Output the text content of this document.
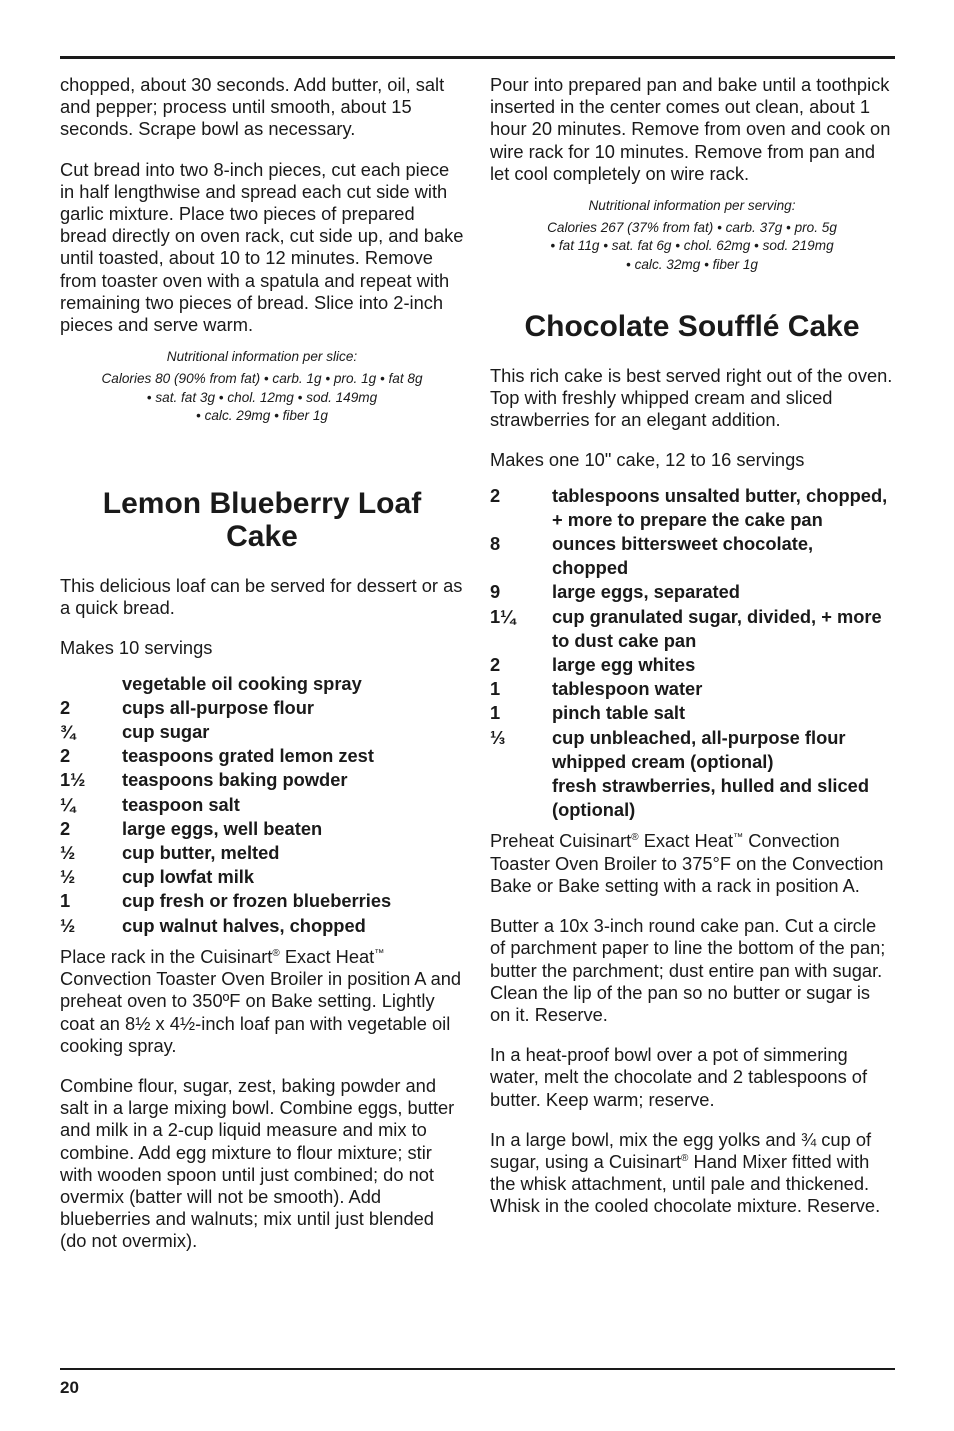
chopped, about 30 seconds. Add butter, oil, salt and pepper; process until smooth, about 15 seconds. Scrape bowl as necessary.

Cut bread into two 8-inch pieces, cut each piece in half lengthwise and spread each cut side with garlic mixture. Place two pieces of prepared bread directly on oven rack, cut side up, and bake until toasted, about 10 to 12 minutes. Remove from toaster oven with a spatula and repeat with remaining two pieces of bread. Slice into 2-inch pieces and serve warm.

Nutritional information per slice:

Calories 80 (90% from fat) • carb. 1g • pro. 1g • fat 8g

• sat. fat 3g • chol. 12mg • sod. 149mg

• calc. 29mg • fiber 1g

Lemon Blueberry Loaf Cake

This delicious loaf can be served for dessert or as a quick bread.

Makes 10 servings

vegetable oil cooking spray
2	cups all-purpose flour
¾	cup sugar
2	teaspoons grated lemon zest
1½	teaspoons baking powder
¼	teaspoon salt
2	large eggs, well beaten
½	cup butter, melted
½	cup lowfat milk
1	cup fresh or frozen blueberries
½	cup walnut halves, chopped

Place rack in the Cuisinart® Exact Heat™ Convection Toaster Oven Broiler in position A and preheat oven to 350ºF on Bake setting. Lightly coat an 8½ x 4½-inch loaf pan with vegetable oil cooking spray.

Combine flour, sugar, zest, baking powder and salt in a large mixing bowl. Combine eggs, butter and milk in a 2-cup liquid measure and mix to combine. Add egg mixture to flour mixture; stir with wooden spoon until just combined; do not overmix (batter will not be smooth). Add blueberries and walnuts; mix until just blended (do not overmix).

Pour into prepared pan and bake until a toothpick inserted in the center comes out clean, about 1 hour 20 minutes. Remove from oven and cook on wire rack for 10 minutes. Remove from pan and let cool completely on wire rack.

Nutritional information per serving:

Calories 267 (37% from fat) • carb. 37g • pro. 5g

• fat 11g • sat. fat 6g • chol. 62mg • sod. 219mg

• calc. 32mg • fiber 1g

Chocolate Soufflé Cake

This rich cake is best served right out of the oven. Top with freshly whipped cream and sliced strawberries for an elegant addition.

Makes one 10" cake, 12 to 16 servings

2	tablespoons unsalted butter, chopped, + more to prepare the cake pan
8	ounces bittersweet chocolate, chopped
9	large eggs, separated
1¼	cup granulated sugar, divided, + more to dust cake pan
2	large egg whites
1	tablespoon water
1	pinch table salt
⅓	cup unbleached, all-purpose flour
whipped cream (optional)
fresh strawberries, hulled and sliced (optional)

Preheat Cuisinart® Exact Heat™ Convection Toaster Oven Broiler to 375°F on the Convection Bake or Bake setting with a rack in position A.

Butter a 10x 3-inch round cake pan. Cut a circle of parchment paper to line the bottom of the pan; butter the parchment; dust entire pan with sugar. Clean the lip of the pan so no butter or sugar is on it. Reserve.

In a heat-proof bowl over a pot of simmering water, melt the chocolate and 2 tablespoons of butter. Keep warm; reserve.

In a large bowl, mix the egg yolks and ¾ cup of sugar, using a Cuisinart® Hand Mixer fitted with the whisk attachment, until pale and thickened. Whisk in the cooled chocolate mixture. Reserve.

20
